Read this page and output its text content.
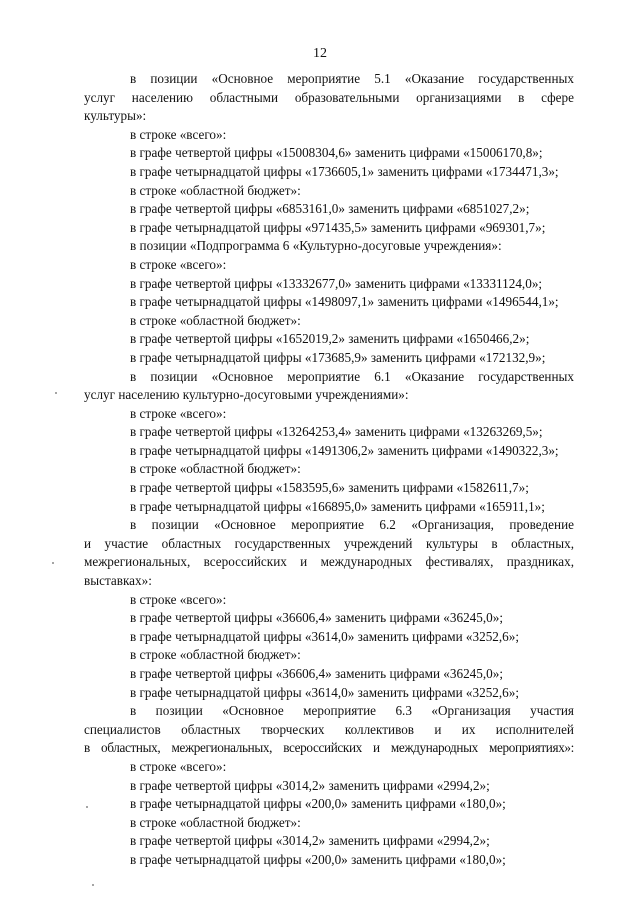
12
в позиции «Основное мероприятие 5.1 «Оказание государственных
услуг населению областными образовательными организациями в сфере
культуры»:
в строке «всего»:
в графе четвертой цифры «15008304,6» заменить цифрами «15006170,8»;
в графе четырнадцатой цифры «1736605,1» заменить цифрами «1734471,3»;
в строке «областной бюджет»:
в графе четвертой цифры «6853161,0» заменить цифрами «6851027,2»;
в графе четырнадцатой цифры «971435,5» заменить цифрами «969301,7»;
в позиции «Подпрограмма 6 «Культурно-досуговые учреждения»:
в строке «всего»:
в графе четвертой цифры «13332677,0» заменить цифрами «13331124,0»;
в графе четырнадцатой цифры «1498097,1» заменить цифрами «1496544,1»;
в строке «областной бюджет»:
в графе четвертой цифры «1652019,2» заменить цифрами «1650466,2»;
в графе четырнадцатой цифры «173685,9» заменить цифрами «172132,9»;
в позиции «Основное мероприятие 6.1 «Оказание государственных
услуг населению культурно-досуговыми учреждениями»:
в строке «всего»:
в графе четвертой цифры «13264253,4» заменить цифрами «13263269,5»;
в графе четырнадцатой цифры «1491306,2» заменить цифрами «1490322,3»;
в строке «областной бюджет»:
в графе четвертой цифры «1583595,6» заменить цифрами «1582611,7»;
в графе четырнадцатой цифры «166895,0» заменить цифрами «165911,1»;
в позиции «Основное мероприятие 6.2 «Организация, проведение
и участие областных государственных учреждений культуры в областных,
межрегиональных, всероссийских и международных фестивалях, праздниках,
выставках»:
в строке «всего»:
в графе четвертой цифры «36606,4» заменить цифрами «36245,0»;
в графе четырнадцатой цифры «3614,0» заменить цифрами «3252,6»;
в строке «областной бюджет»:
в графе четвертой цифры «36606,4» заменить цифрами «36245,0»;
в графе четырнадцатой цифры «3614,0» заменить цифрами «3252,6»;
в позиции «Основное мероприятие 6.3 «Организация участия
специалистов областных творческих коллективов и их исполнителей
в областных, межрегиональных, всероссийских и международных мероприятиях»:
в строке «всего»:
в графе четвертой цифры «3014,2» заменить цифрами «2994,2»;
в графе четырнадцатой цифры «200,0» заменить цифрами «180,0»;
в строке «областной бюджет»:
в графе четвертой цифры «3014,2» заменить цифрами «2994,2»;
в графе четырнадцатой цифры «200,0» заменить цифрами «180,0»;
